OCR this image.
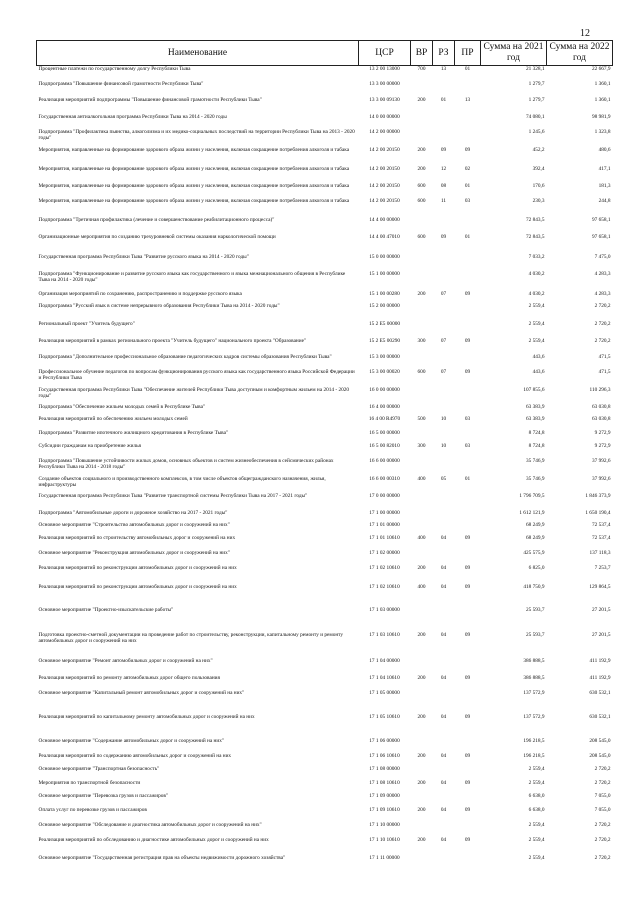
12
Наименование	ЦСР	ВР	РЗ	ПР	Сумма на 2021 год	Сумма на 2022 год
Процентные платежи по государственному долгу Республики Тыва	13 2 00 13000	700	13	01	21 328,1	22 667,9
Подпрограмма "Повышение финансовой грамотности Республики Тыва"	13 3 00 00000				1 279,7	1 360,1
Реализация мероприятий подпрограммы "Повышение финансовой грамотности Республики Тыва"	13 3 00 09130	200	01	13	1 279,7	1 360,1
Государственная антиалкогольная программа Республики Тыва на 2014 - 2020 годы	14 0 00 00000				74 080,1	98 981,9
Подпрограмма "Профилактика пьянства, алкоголизма и их медико-социальных последствий на территории Республики Тыва на 2013 - 2020 годы"	14 2 00 00000				1 245,6	1 323,8
Мероприятия, направленные на формирование здорового образа жизни у населения, включая сокращение потребления алкоголя и табака	14 2 00 20150	200	09	09	452,2	480,6
Мероприятия, направленные на формирование здорового образа жизни у населения, включая сокращение потребления алкоголя и табака	14 2 00 20150	200	12	02	392,4	417,1
Мероприятия, направленные на формирование здорового образа жизни у населения, включая сокращение потребления алкоголя и табака	14 2 00 20150	600	08	01	170,6	181,3
Мероприятия, направленные на формирование здорового образа жизни у населения, включая сокращение потребления алкоголя и табака	14 2 00 20150	600	11	03	230,3	244,8
Подпрограмма "Третичная профилактика (лечение и совершенствование реабилитационного процесса)"	14 4 00 00000				72 843,5	97 658,1
Организационные мероприятия по созданию трехуровневой системы оказания наркологической помощи	14 4 00 47010	600	09	01	72 843,5	97 658,1
Государственная программа Республики Тыва "Развитие русского языка на 2014 - 2020 годы"	15 0 00 00000				7 033,2	7 475,0
Подпрограмма "Функционирование и развитие русского языка как государственного и языка межнационального общения в Республике Тыва на 2014 - 2020 годы"	15 1 00 00000				4 030,2	4 283,3
Организация мероприятий по сохранению, распространению и поддержке русского языка	15 1 00 00280	200	07	09	4 030,2	4 283,3
Подпрограмма "Русский язык в системе непрерывного образования Республики Тыва на 2014 - 2020 годы"	15 2 00 00000				2 559,4	2 720,2
Региональный проект "Учитель будущего"	15 2 Е5 00000				2 559,4	2 720,2
Реализация мероприятий в рамках регионального проекта "Учитель будущего" национального проекта "Образование"	15 2 Е5 00290	300	07	09	2 559,4	2 720,2
Подпрограмма "Дополнительное профессиональное образование педагогических кадров системы образования Республики Тыва"	15 3 00 00000				443,6	471,5
Профессиональное обучение педагогов по вопросам функционирования русского языка как государственного языка Российской Федерации и Республики Тыва	15 3 00 00020	600	07	09	443,6	471,5
Государственная программа Республики Тыва "Обеспечение жителей Республики Тыва доступным и комфортным жильем на 2014 - 2020 годы"	16 0 00 00000				107 855,6	110 296,3
Подпрограмма "Обеспечение жильем молодых семей в Республике Тыва"	16 4 00 00000				63 383,9	63 030,8
Реализация мероприятий по обеспечению жильем молодых семей	16 4 00 R4970	500	10	03	63 383,9	63 030,8
Подпрограмма "Развитие ипотечного жилищного кредитования в Республике Тыва"	16 5 00 00000				8 724,8	9 272,9
Субсидии гражданам на приобретение жилья	16 5 00 82010	300	10	03	8 724,8	9 272,9
Подпрограмма "Повышение устойчивости жилых домов, основных объектов и систем жизнеобеспечения в сейсмических районах Республики Тыва на 2014 - 2018 годы"	16 6 00 00000				35 746,9	37 992,6
Создание объектов социального и производственного комплексов, в том числе объектов общегражданского назначения, жилья, инфраструктуры	16 6 00 00310	400	05	01	35 746,9	37 992,6
Государственная программа Республики Тыва "Развитие транспортной системы Республики Тыва на 2017 - 2021 годы"	17 0 00 00000				1 796 709,5	1 846 373,9
Подпрограмма "Автомобильные дороги и дорожное хозяйство на 2017 - 2021 годы"	17 1 00 00000				1 612 121,9	1 650 190,4
Основное мероприятие "Строительство автомобильных дорог и сооружений на них"	17 1 01 00000				68 249,9	72 537,4
Реализация мероприятий по строительству автомобильных дорог и сооружений на них	17 1 01 10610	400	04	09	68 249,9	72 537,4
Основное мероприятие "Реконструкция автомобильных дорог и сооружений на них"	17 1 02 00000				425 575,9	137 118,3
Реализация мероприятий по реконструкции автомобильных дорог и сооружений на них	17 1 02 10610	200	04	09	6 825,0	7 253,7
Реализация мероприятий по реконструкции автомобильных дорог и сооружений на них	17 1 02 10610	400	04	09	418 750,9	129 864,5
Основное мероприятие "Проектно-изыскательские работы"	17 1 03 00000				25 593,7	27 201,5
Подготовка проектно-сметной документации на проведение работ по строительству, реконструкции, капитальному ремонту и ремонту автомобильных дорог и сооружений на них	17 1 03 10610	200	04	09	25 593,7	27 201,5
Основное мероприятие "Ремонт автомобильных дорог и сооружений на них"	17 1 04 00000				386 888,5	411 192,9
Реализация мероприятий по ремонту автомобильных дорог общего пользования	17 1 04 10610	200	04	09	386 888,5	411 192,9
Основное мероприятие "Капитальный ремонт автомобильных дорог и сооружений на них"	17 1 05 00000				137 572,9	630 532,1
Реализация мероприятий по капитальному ремонту автомобильных дорог и сооружений на них	17 1 05 10610	200	04	09	137 572,9	630 532,1
Основное мероприятие "Содержание автомобильных дорог и сооружений на них"	17 1 06 00000				196 218,5	208 545,0
Реализация мероприятий по содержанию автомобильных дорог и сооружений на них	17 1 06 10610	200	04	09	196 218,5	208 545,0
Основное мероприятие "Транспортная безопасность"	17 1 08 00000				2 559,4	2 720,2
Мероприятия по транспортной безопасности	17 1 08 10610	200	04	09	2 559,4	2 720,2
Основное мероприятие "Перевозка грузов и пассажиров"	17 1 09 00000				6 638,0	7 055,0
Оплата услуг по перевозке грузов и пассажиров	17 1 09 10610	200	04	09	6 638,0	7 055,0
Основное мероприятие "Обследование и диагностика автомобильных дорог и сооружений на них"	17 1 10 00000				2 559,4	2 720,2
Реализация мероприятий по обследованию и диагностике автомобильных дорог и сооружений на них	17 1 10 10610	200	04	09	2 559,4	2 720,2
Основное мероприятие "Государственная регистрация прав на объекты недвижимости дорожного хозяйства"	17 1 11 00000				2 559,4	2 720,2
